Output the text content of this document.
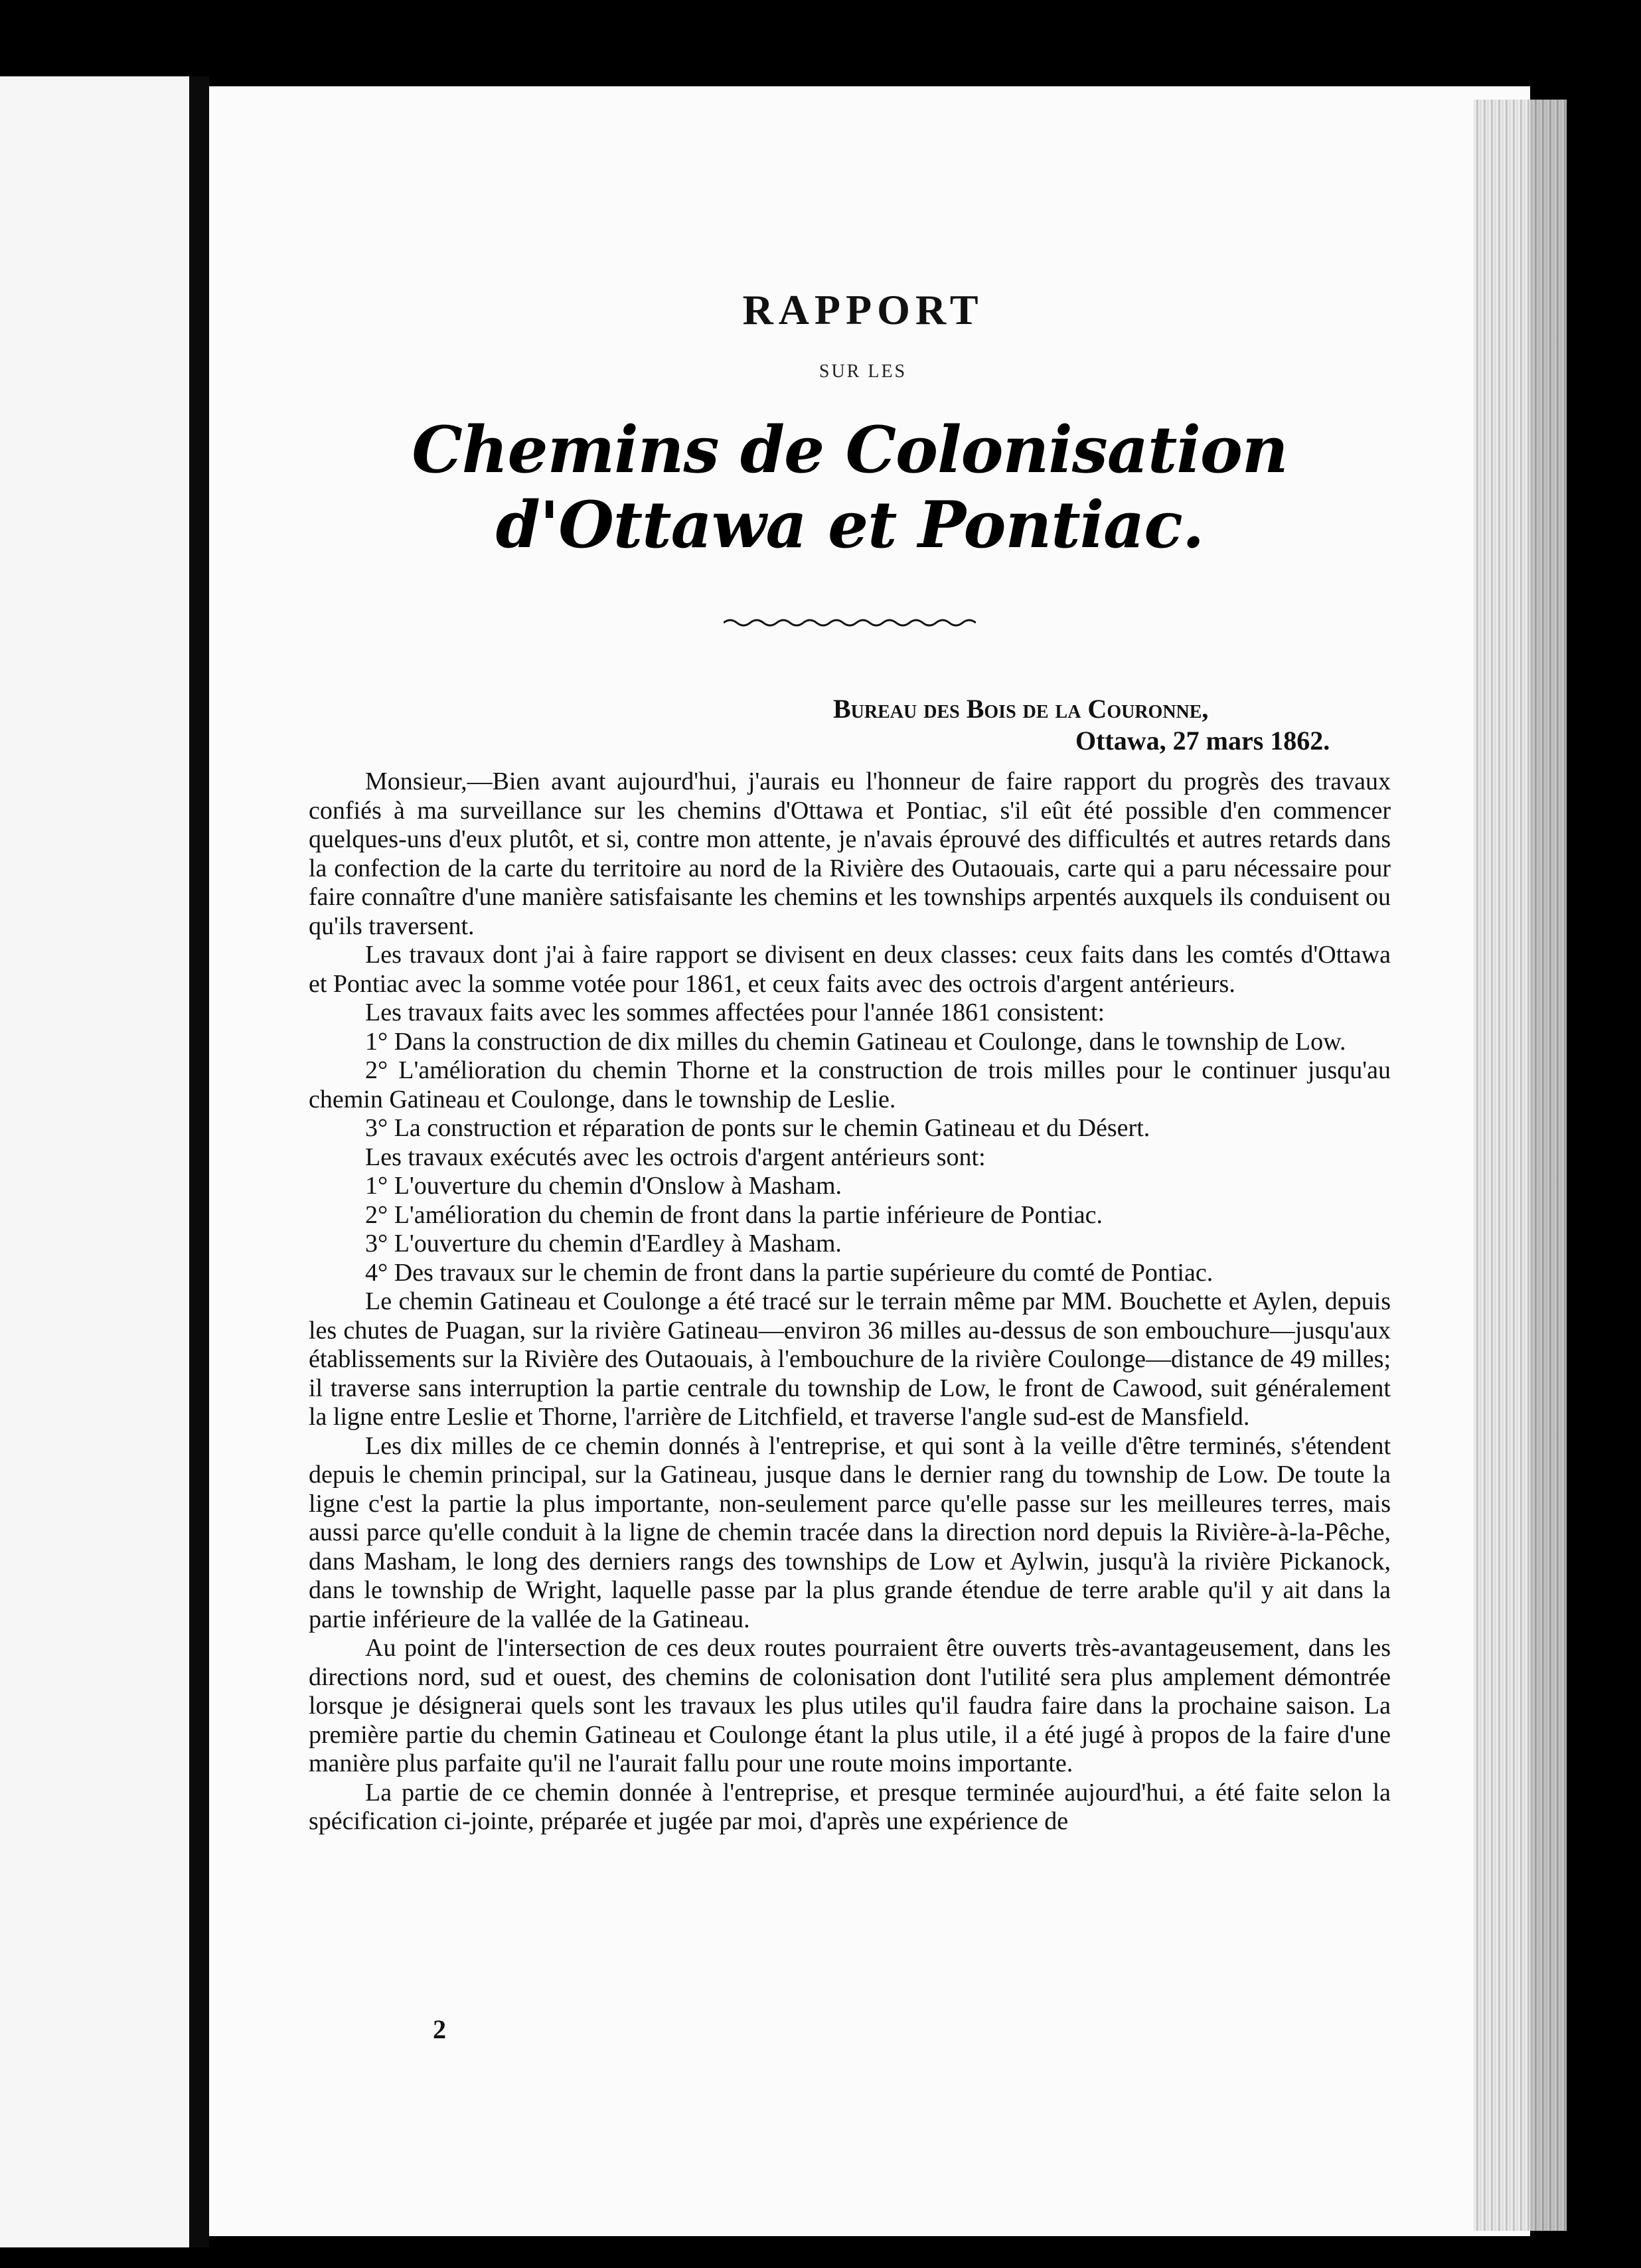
RAPPORT
SUR LES
Chemins de Colonisation d'Ottawa et Pontiac.
Bureau des Bois de la Couronne,
Ottawa, 27 mars 1862.

Monsieur,—Bien avant aujourd'hui, j'aurais eu l'honneur de faire rapport du progrès des travaux confiés à ma surveillance sur les chemins d'Ottawa et Pontiac, s'il eût été possible d'en commencer quelques-uns d'eux plutôt, et si, contre mon attente, je n'avais éprouvé des difficultés et autres retards dans la confection de la carte du territoire au nord de la Rivière des Outaouais, carte qui a paru nécessaire pour faire connaître d'une manière satisfaisante les chemins et les townships arpentés auxquels ils conduisent ou qu'ils traversent.

Les travaux dont j'ai à faire rapport se divisent en deux classes: ceux faits dans les comtés d'Ottawa et Pontiac avec la somme votée pour 1861, et ceux faits avec des octrois d'argent antérieurs.

Les travaux faits avec les sommes affectées pour l'année 1861 consistent:

1° Dans la construction de dix milles du chemin Gatineau et Coulonge, dans le township de Low.

2° L'amélioration du chemin Thorne et la construction de trois milles pour le continuer jusqu'au chemin Gatineau et Coulonge, dans le township de Leslie.

3° La construction et réparation de ponts sur le chemin Gatineau et du Désert.

Les travaux exécutés avec les octrois d'argent antérieurs sont:

1° L'ouverture du chemin d'Onslow à Masham.

2° L'amélioration du chemin de front dans la partie inférieure de Pontiac.

3° L'ouverture du chemin d'Eardley à Masham.

4° Des travaux sur le chemin de front dans la partie supérieure du comté de Pontiac.

Le chemin Gatineau et Coulonge a été tracé sur le terrain même par MM. Bouchette et Aylen, depuis les chutes de Puagan, sur la rivière Gatineau—environ 36 milles au-dessus de son embouchure—jusqu'aux établissements sur la Rivière des Outaouais, à l'embouchure de la rivière Coulonge—distance de 49 milles; il traverse sans interruption la partie centrale du township de Low, le front de Cawood, suit généralement la ligne entre Leslie et Thorne, l'arrière de Litchfield, et traverse l'angle sud-est de Mansfield.

Les dix milles de ce chemin donnés à l'entreprise, et qui sont à la veille d'être terminés, s'étendent depuis le chemin principal, sur la Gatineau, jusque dans le dernier rang du township de Low. De toute la ligne c'est la partie la plus importante, non-seulement parce qu'elle passe sur les meilleures terres, mais aussi parce qu'elle conduit à la ligne de chemin tracée dans la direction nord depuis la Rivière-à-la-Pêche, dans Masham, le long des derniers rangs des townships de Low et Aylwin, jusqu'à la rivière Pickanock, dans le township de Wright, laquelle passe par la plus grande étendue de terre arable qu'il y ait dans la partie inférieure de la vallée de la Gatineau.

Au point de l'intersection de ces deux routes pourraient être ouverts très-avantageusement, dans les directions nord, sud et ouest, des chemins de colonisation dont l'utilité sera plus amplement démontrée lorsque je désignerai quels sont les travaux les plus utiles qu'il faudra faire dans la prochaine saison. La première partie du chemin Gatineau et Coulonge étant la plus utile, il a été jugé à propos de la faire d'une manière plus parfaite qu'il ne l'aurait fallu pour une route moins importante.

La partie de ce chemin donnée à l'entreprise, et presque terminée aujourd'hui, a été faite selon la spécification ci-jointe, préparée et jugée par moi, d'après une expérience de

2
